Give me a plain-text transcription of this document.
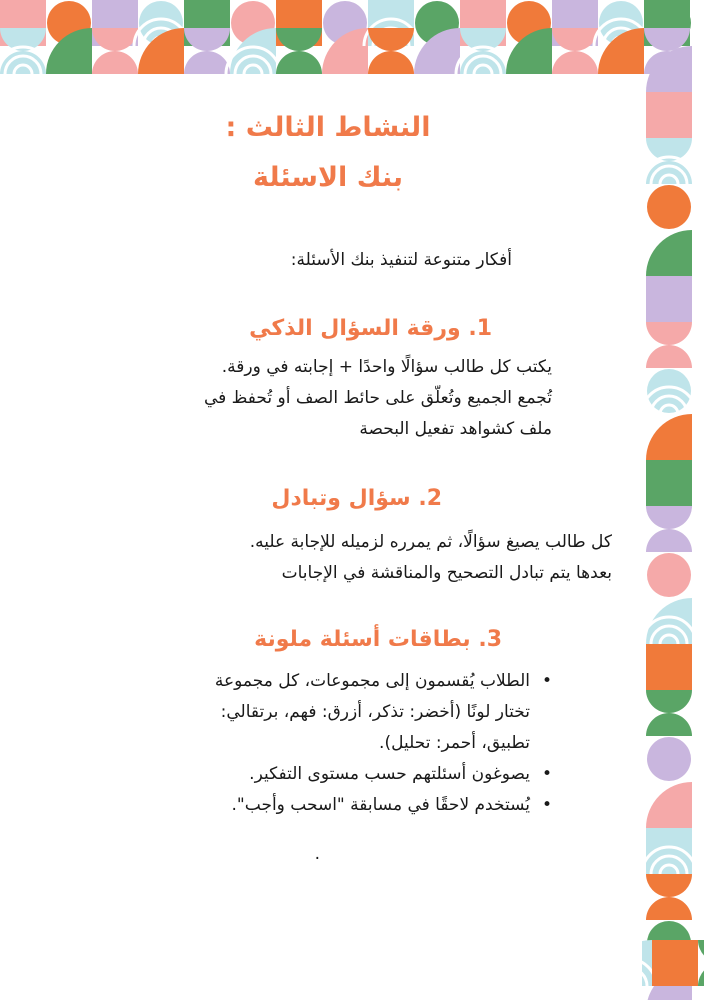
النشاط الثالث :
بنك الاسئلة
أفكار متنوعة لتنفيذ بنك الأسئلة:
1. ورقة السؤال الذكي
يكتب كل طالب سؤالًا واحدًا + إجابته في ورقة.
تُجمع الجميع وتُعلّق على حائط الصف أو تُحفظ في
ملف كشواهد تفعيل البحصة
2. سؤال وتبادل
كل طالب يصيغ سؤالًا، ثم يمرره لزميله للإجابة عليه.
بعدها يتم تبادل التصحيح والمناقشة في الإجابات
3. بطاقات أسئلة ملونة
•
الطلاب يُقسمون إلى مجموعات، كل مجموعة
تختار لونًا (أخضر: تذكر، أزرق: فهم، برتقالي:
تطبيق، أحمر: تحليل).
•
يصوغون أسئلتهم حسب مستوى التفكير.
•
يُستخدم لاحقًا في مسابقة "اسحب وأجب".
.
